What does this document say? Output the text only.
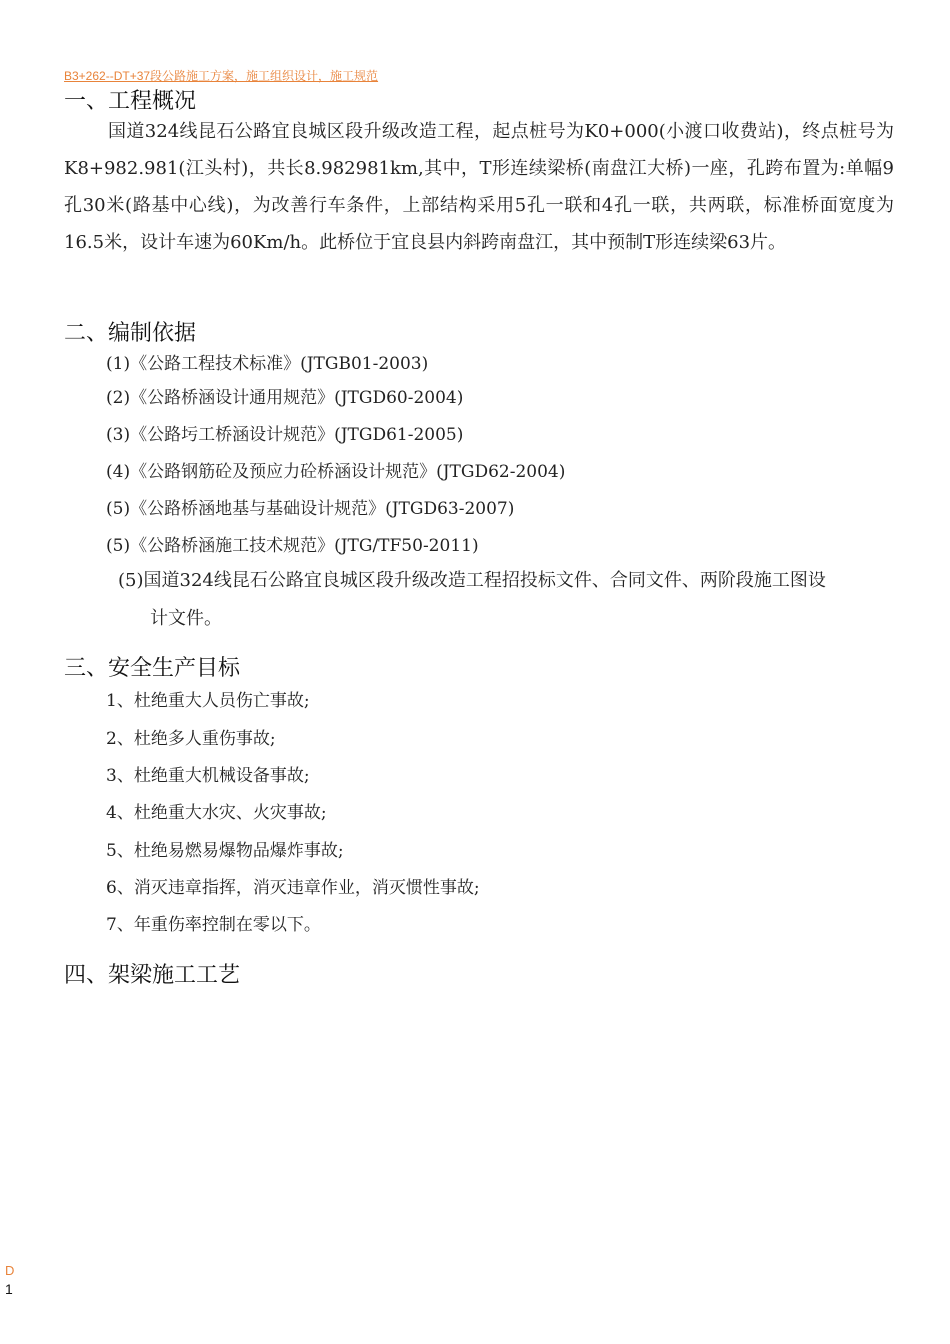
B3+262--DT+37段公路施工方案，施工组织设计，施工规范
一、工程概况
国道324线昆石公路宜良城区段升级改造工程，起点桩号为K0+000(小渡口收费站)，终点桩号为K8+982.981(江头村)，共长8.982981km,其中，T形连续梁桥(南盘江大桥)一座，孔跨布置为:单幅9孔30米(路基中心线)，为改善行车条件，上部结构采用5孔一联和4孔一联，共两联，标准桥面宽度为16.5米，设计车速为60Km/h。此桥位于宜良县内斜跨南盘江，其中预制T形连续梁63片。
二、编制依据
(1)《公路工程技术标准》(JTGB01-2003)
(2)《公路桥涵设计通用规范》(JTGD60-2004)
(3)《公路圬工桥涵设计规范》(JTGD61-2005)
(4)《公路钢筋砼及预应力砼桥涵设计规范》(JTGD62-2004)
(5)《公路桥涵地基与基础设计规范》(JTGD63-2007)
(5)《公路桥涵施工技术规范》(JTG/TF50-2011)
(5)国道324线昆石公路宜良城区段升级改造工程招投标文件、合同文件、两阶段施工图设
计文件。
三、安全生产目标
1、杜绝重大人员伤亡事故;
2、杜绝多人重伤事故;
3、杜绝重大机械设备事故;
4、杜绝重大水灾、火灾事故;
5、杜绝易燃易爆物品爆炸事故;
6、消灭违章指挥，消灭违章作业，消灭惯性事故;
7、年重伤率控制在零以下。
四、架梁施工工艺
D
1
